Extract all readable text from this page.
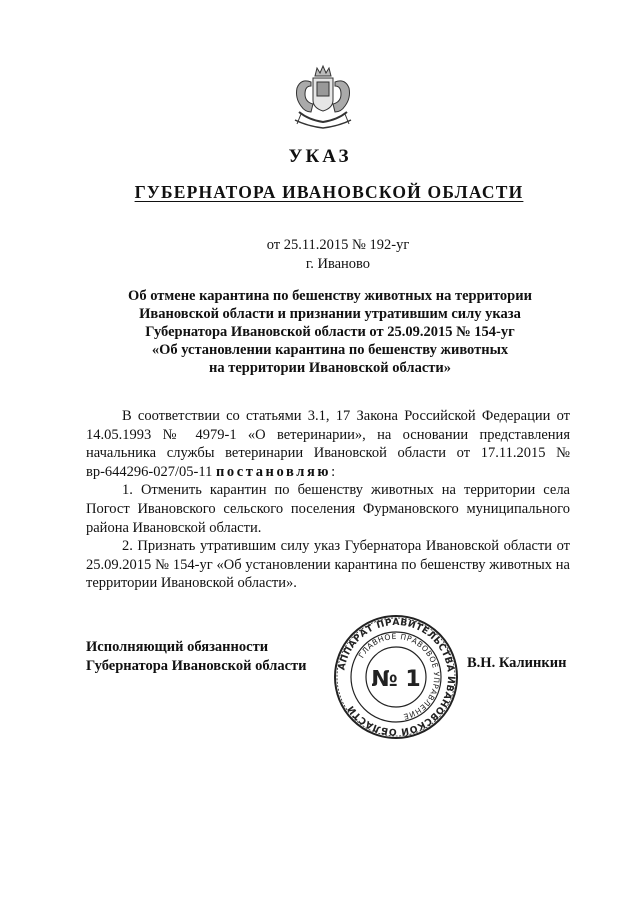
УКАЗ
ГУБЕРНАТОРА ИВАНОВСКОЙ ОБЛАСТИ
от 25.11.2015 № 192-уг
г. Иваново
Об отмене карантина по бешенству животных на территории
Ивановской области и признании утратившим силу указа
Губернатора Ивановской области от 25.09.2015 № 154-уг
«Об установлении карантина по бешенству животных
на территории Ивановской области»

В соответствии со статьями 3.1, 17 Закона Российской Федерации от 14.05.1993 № 4979-1 «О ветеринарии», на основании представления начальника службы ветеринарии Ивановской области от 17.11.2015 № вр-644296-027/05-11 постановляю:

1. Отменить карантин по бешенству животных на территории села Погост Ивановского сельского поселения Фурмановского муниципального района Ивановской области.

2. Признать утратившим силу указ Губернатора Ивановской области от 25.09.2015 № 154-уг «Об установлении карантина по бешенству животных на территории Ивановской области».

Исполняющий обязанности
Губернатора Ивановской области	АППАРАТ ПРАВИТЕЛЬСТВА ИВАНОВСКОЙ ОБЛАСТИ
ГЛАВНОЕ ПРАВОВОЕ УПРАВЛЕНИЕ
№ 1
В.Н. Калинкин
